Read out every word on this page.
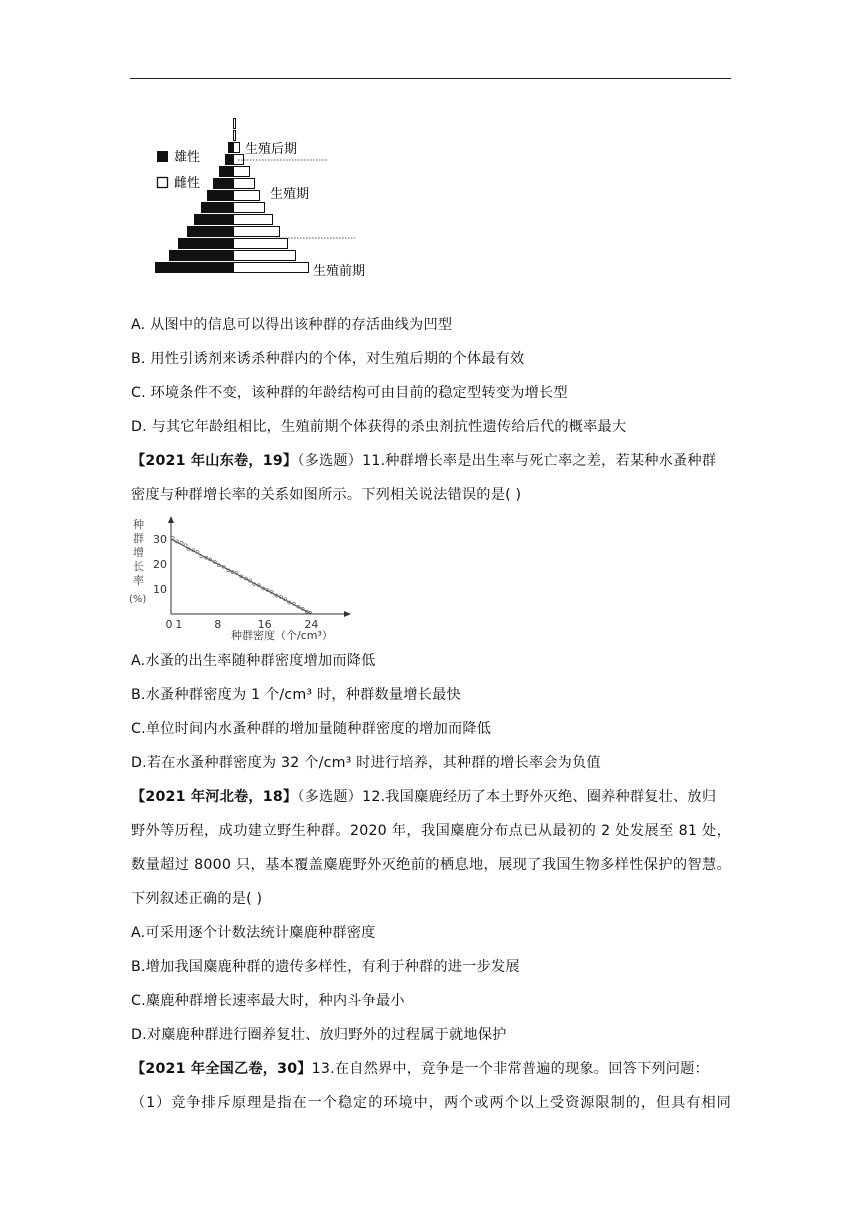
雄性
雌性
生殖后期
生殖期
生殖前期
A. 从图中的信息可以得出该种群的存活曲线为凹型
B. 用性引诱剂来诱杀种群内的个体，对生殖后期的个体最有效
C. 环境条件不变，该种群的年龄结构可由目前的稳定型转变为增长型
D. 与其它年龄组相比，生殖前期个体获得的杀虫剂抗性遗传给后代的概率最大
【2021 年山东卷，19】（多选题）11.种群增长率是出生率与死亡率之差，若某种水蚤种群
密度与种群增长率的关系如图所示。下列相关说法错误的是( )
种
群
增
长
率
(%)
10
20
30
0 1	8	16	24
种群密度（个/cm³）
A.水蚤的出生率随种群密度增加而降低
B.水蚤种群密度为 1 个/cm³ 时，种群数量增长最快
C.单位时间内水蚤种群的增加量随种群密度的增加而降低
D.若在水蚤种群密度为 32 个/cm³ 时进行培养，其种群的增长率会为负值
【2021 年河北卷，18】（多选题）12.我国麋鹿经历了本土野外灭绝、圈养种群复壮、放归
野外等历程，成功建立野生种群。2020 年，我国麋鹿分布点已从最初的 2 处发展至 81 处，
数量超过 8000 只，基本覆盖麋鹿野外灭绝前的栖息地，展现了我国生物多样性保护的智慧。
下列叙述正确的是( )
A.可采用逐个计数法统计麋鹿种群密度
B.增加我国麋鹿种群的遗传多样性，有利于种群的进一步发展
C.麋鹿种群增长速率最大时，种内斗争最小
D.对麋鹿种群进行圈养复壮、放归野外的过程属于就地保护
【2021 年全国乙卷，30】13.在自然界中，竞争是一个非常普遍的现象。回答下列问题：
（1）竞争排斥原理是指在一个稳定的环境中，两个或两个以上受资源限制的，但具有相同
